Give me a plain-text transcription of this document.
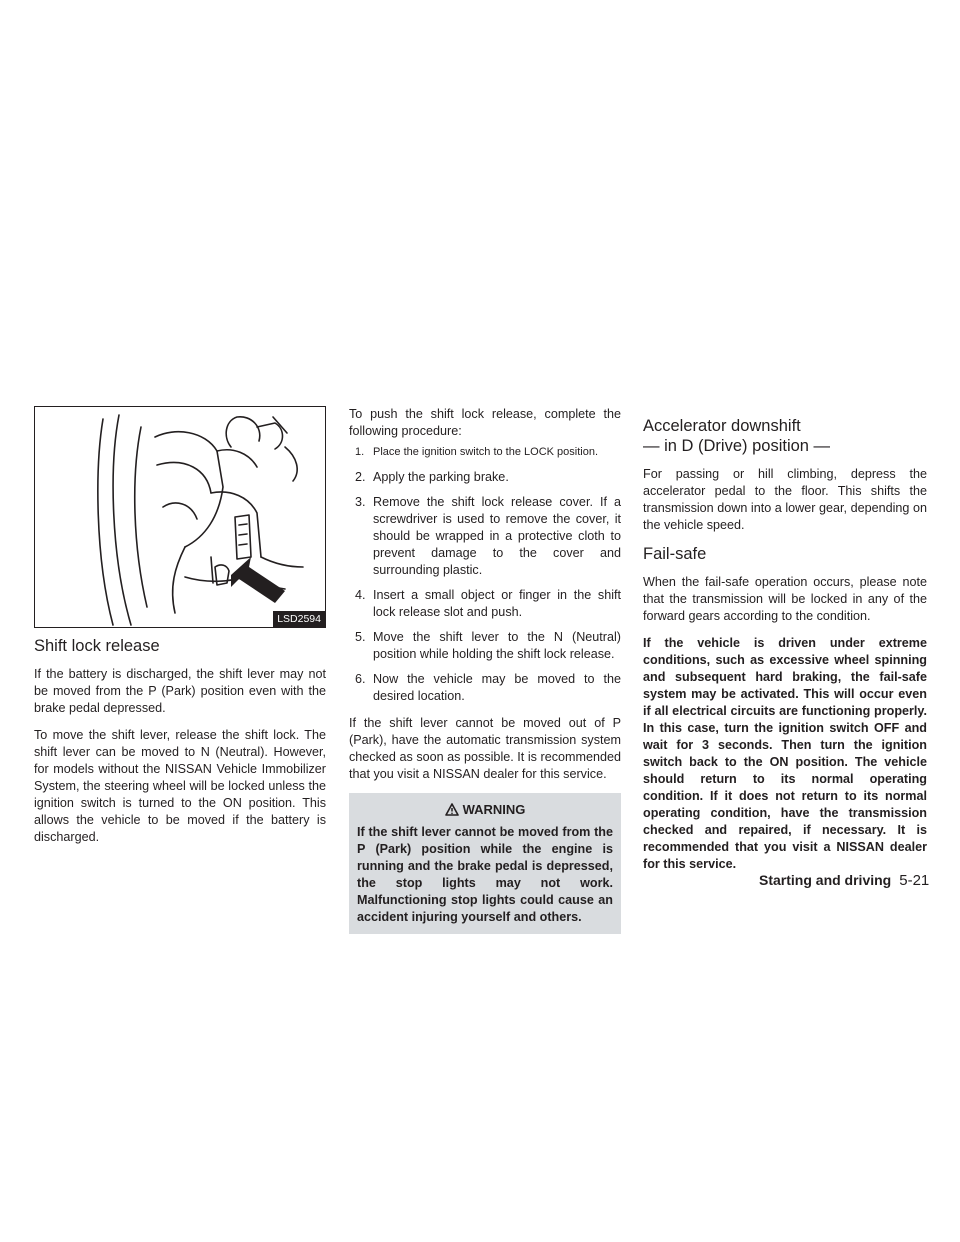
LSD2594
Shift lock release

If the battery is discharged, the shift lever may not be moved from the P (Park) position even with the brake pedal depressed.

To move the shift lever, release the shift lock. The shift lever can be moved to N (Neutral). However, for models without the NISSAN Vehicle Immobilizer System, the steering wheel will be locked unless the ignition switch is turned to the ON position. This allows the vehicle to be moved if the battery is discharged.

To push the shift lock release, complete the following procedure:

1. Place the ignition switch to the LOCK position.
2. Apply the parking brake.
3. Remove the shift lock release cover. If a screwdriver is used to remove the cover, it should be wrapped in a protective cloth to prevent damage to the cover and surrounding plastic.
4. Insert a small object or finger in the shift lock release slot and push.
5. Move the shift lever to the N (Neutral) position while holding the shift lock release.
6. Now the vehicle may be moved to the desired location.

If the shift lever cannot be moved out of P (Park), have the automatic transmission system checked as soon as possible. It is recommended that you visit a NISSAN dealer for this service.

WARNING
If the shift lever cannot be moved from the P (Park) position while the engine is running and the brake pedal is depressed, the stop lights may not work. Malfunctioning stop lights could cause an accident injuring yourself and others.
Accelerator downshift
— in D (Drive) position —

For passing or hill climbing, depress the accelerator pedal to the floor. This shifts the transmission down into a lower gear, depending on the vehicle speed.

Fail-safe

When the fail-safe operation occurs, please note that the transmission will be locked in any of the forward gears according to the condition.

If the vehicle is driven under extreme conditions, such as excessive wheel spinning and subsequent hard braking, the fail-safe system may be activated. This will occur even if all electrical circuits are functioning properly. In this case, turn the ignition switch OFF and wait for 3 seconds. Then turn the ignition switch back to the ON position. The vehicle should return to its normal operating condition. If it does not return to its normal operating condition, have the transmission checked and repaired, if necessary. It is recommended that you visit a NISSAN dealer for this service.

Starting and driving 5-21
